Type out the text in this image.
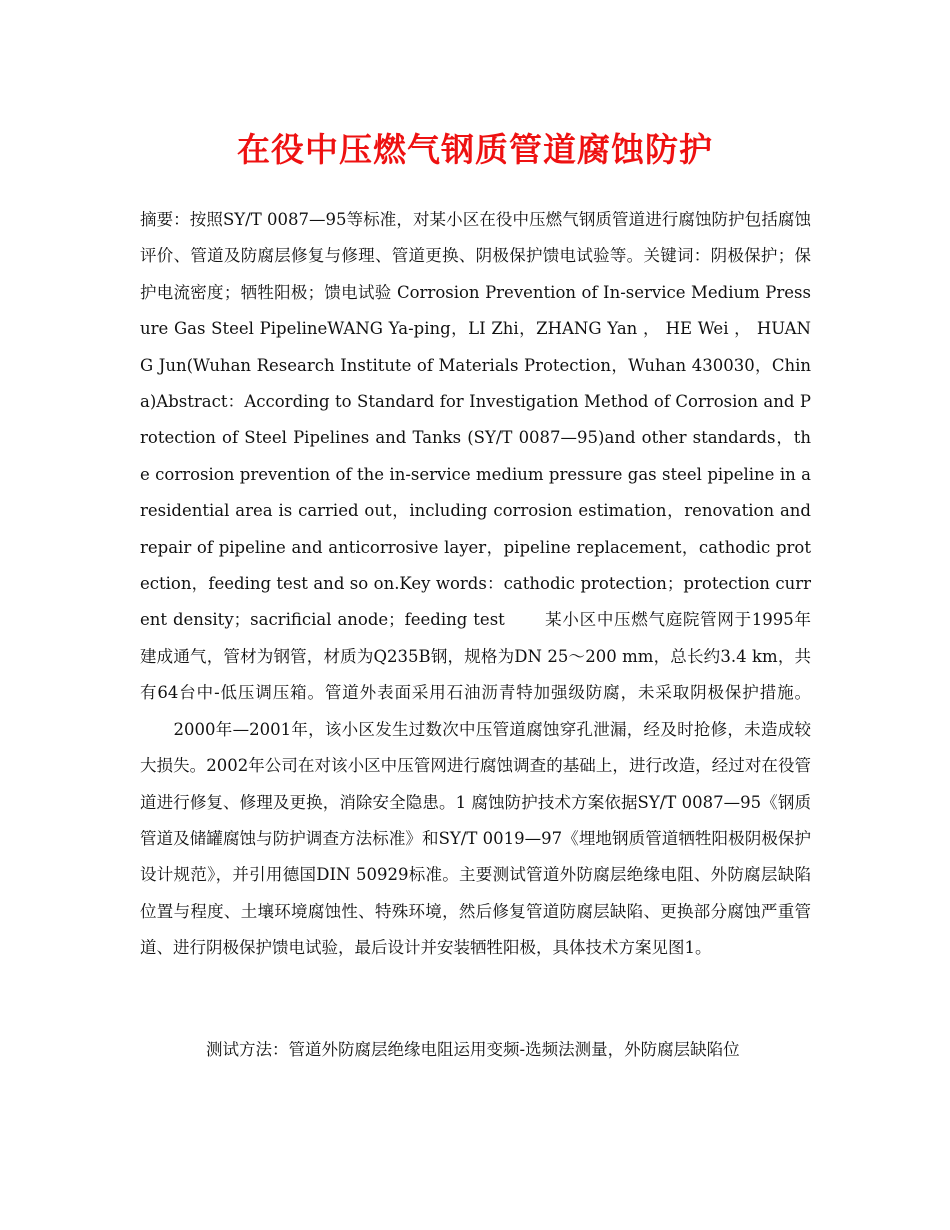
在役中压燃气钢质管道腐蚀防护

摘要：按照SY/T 0087—95等标准，对某小区在役中压燃气钢质管道进行腐蚀防护包括腐蚀评价、管道及防腐层修复与修理、管道更换、阴极保护馈电试验等。关键词：阴极保护；保护电流密度；牺牲阳极；馈电试验 Corrosion Prevention of In-service Medium Pressure Gas Steel PipelineWANG Ya-ping，LI Zhi，ZHANG Yan ， HE Wei ， HUANG Jun(Wuhan Research Institute of Materials Protection，Wuhan 430030，China)Abstract：According to Standard for Investigation Method of Corrosion and Protection of Steel Pipelines and Tanks (SY/T 0087—95)and other standards，the corrosion prevention of the in-service medium pressure gas steel pipeline in a residential area is carried out，including corrosion estimation，renovation and repair of pipeline and anticorrosive layer，pipeline replacement，cathodic protection，feeding test and so on.Key words：cathodic protection；protection current density；sacrificial anode；feeding test 　　某小区中压燃气庭院管网于1995年建成通气，管材为钢管，材质为Q235B钢，规格为DN 25～200 mm，总长约3.4 km，共有64台中-低压调压箱。管道外表面采用石油沥青特加强级防腐，未采取阴极保护措施。 　　2000年—2001年，该小区发生过数次中压管道腐蚀穿孔泄漏，经及时抢修，未造成较大损失。2002年公司在对该小区中压管网进行腐蚀调查的基础上，进行改造，经过对在役管道进行修复、修理及更换，消除安全隐患。1 腐蚀防护技术方案依据SY/T 0087—95《钢质管道及储罐腐蚀与防护调查方法标准》和SY/T 0019—97《埋地钢质管道牺牲阳极阴极保护设计规范》，并引用德国DIN 50929标准。主要测试管道外防腐层绝缘电阻、外防腐层缺陷位置与程度、土壤环境腐蚀性、特殊环境，然后修复管道防腐层缺陷、更换部分腐蚀严重管道、进行阴极保护馈电试验，最后设计并安装牺牲阳极，具体技术方案见图1。

测试方法：管道外防腐层绝缘电阻运用变频-选频法测量，外防腐层缺陷位
